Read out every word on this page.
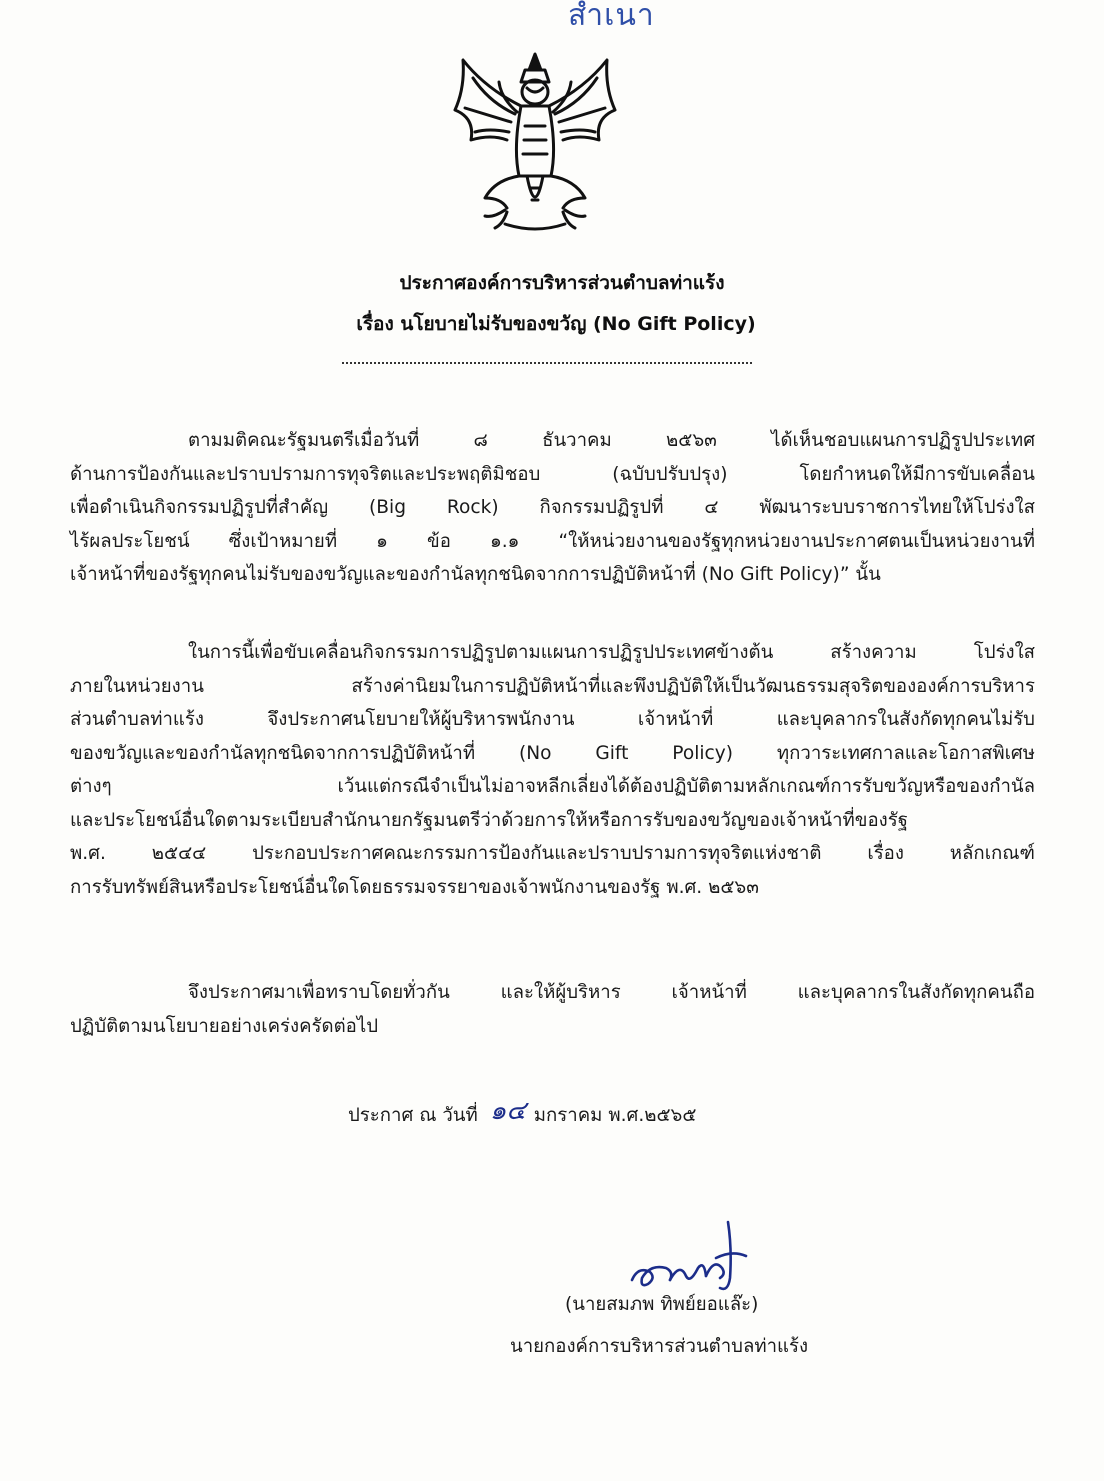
สำเนา
ประกาศองค์การบริหารส่วนตำบลท่าแร้ง
เรื่อง นโยบายไม่รับของขวัญ (No Gift Policy)
ตามมติคณะรัฐมนตรีเมื่อวันที่ ๘ ธันวาคม ๒๕๖๓ ได้เห็นชอบแผนการปฏิรูปประเทศ
ด้านการป้องกันและปราบปรามการทุจริตและประพฤติมิชอบ (ฉบับปรับปรุง) โดยกำหนดให้มีการขับเคลื่อน
เพื่อดำเนินกิจกรรมปฏิรูปที่สำคัญ (Big Rock) กิจกรรมปฏิรูปที่ ๔ พัฒนาระบบราชการไทยให้โปร่งใส
ไร้ผลประโยชน์ ซึ่งเป้าหมายที่ ๑ ข้อ ๑.๑ “ให้หน่วยงานของรัฐทุกหน่วยงานประกาศตนเป็นหน่วยงานที่
เจ้าหน้าที่ของรัฐทุกคนไม่รับของขวัญและของกำนัลทุกชนิดจากการปฏิบัติหน้าที่ (No Gift Policy)” นั้น
ในการนี้เพื่อขับเคลื่อนกิจกรรมการปฏิรูปตามแผนการปฏิรูปประเทศข้างต้น สร้างความ โปร่งใส
ภายในหน่วยงาน สร้างค่านิยมในการปฏิบัติหน้าที่และพึงปฏิบัติให้เป็นวัฒนธรรมสุจริตขององค์การบริหาร
ส่วนตำบลท่าแร้ง จึงประกาศนโยบายให้ผู้บริหารพนักงาน เจ้าหน้าที่ และบุคลากรในสังกัดทุกคนไม่รับ
ของขวัญและของกำนัลทุกชนิดจากการปฏิบัติหน้าที่ (No Gift Policy) ทุกวาระเทศกาลและโอกาสพิเศษ
ต่างๆ เว้นแต่กรณีจำเป็นไม่อาจหลีกเลี่ยงได้ต้องปฏิบัติตามหลักเกณฑ์การรับขวัญหรือของกำนัล
และประโยชน์อื่นใดตามระเบียบสำนักนายกรัฐมนตรีว่าด้วยการให้หรือการรับของขวัญของเจ้าหน้าที่ของรัฐ
พ.ศ. ๒๕๔๔ ประกอบประกาศคณะกรรมการป้องกันและปราบปรามการทุจริตแห่งชาติ เรื่อง หลักเกณฑ์
การรับทรัพย์สินหรือประโยชน์อื่นใดโดยธรรมจรรยาของเจ้าพนักงานของรัฐ พ.ศ. ๒๕๖๓
จึงประกาศมาเพื่อทราบโดยทั่วกัน และให้ผู้บริหาร เจ้าหน้าที่ และบุคลากรในสังกัดทุกคนถือ
ปฏิบัติตามนโยบายอย่างเคร่งครัดต่อไป
ประกาศ ณ วันที่ ๑๔ มกราคม พ.ศ.๒๕๖๕
(นายสมภพ ทิพย์ยอแล๊ะ)
นายกองค์การบริหารส่วนตำบลท่าแร้ง
